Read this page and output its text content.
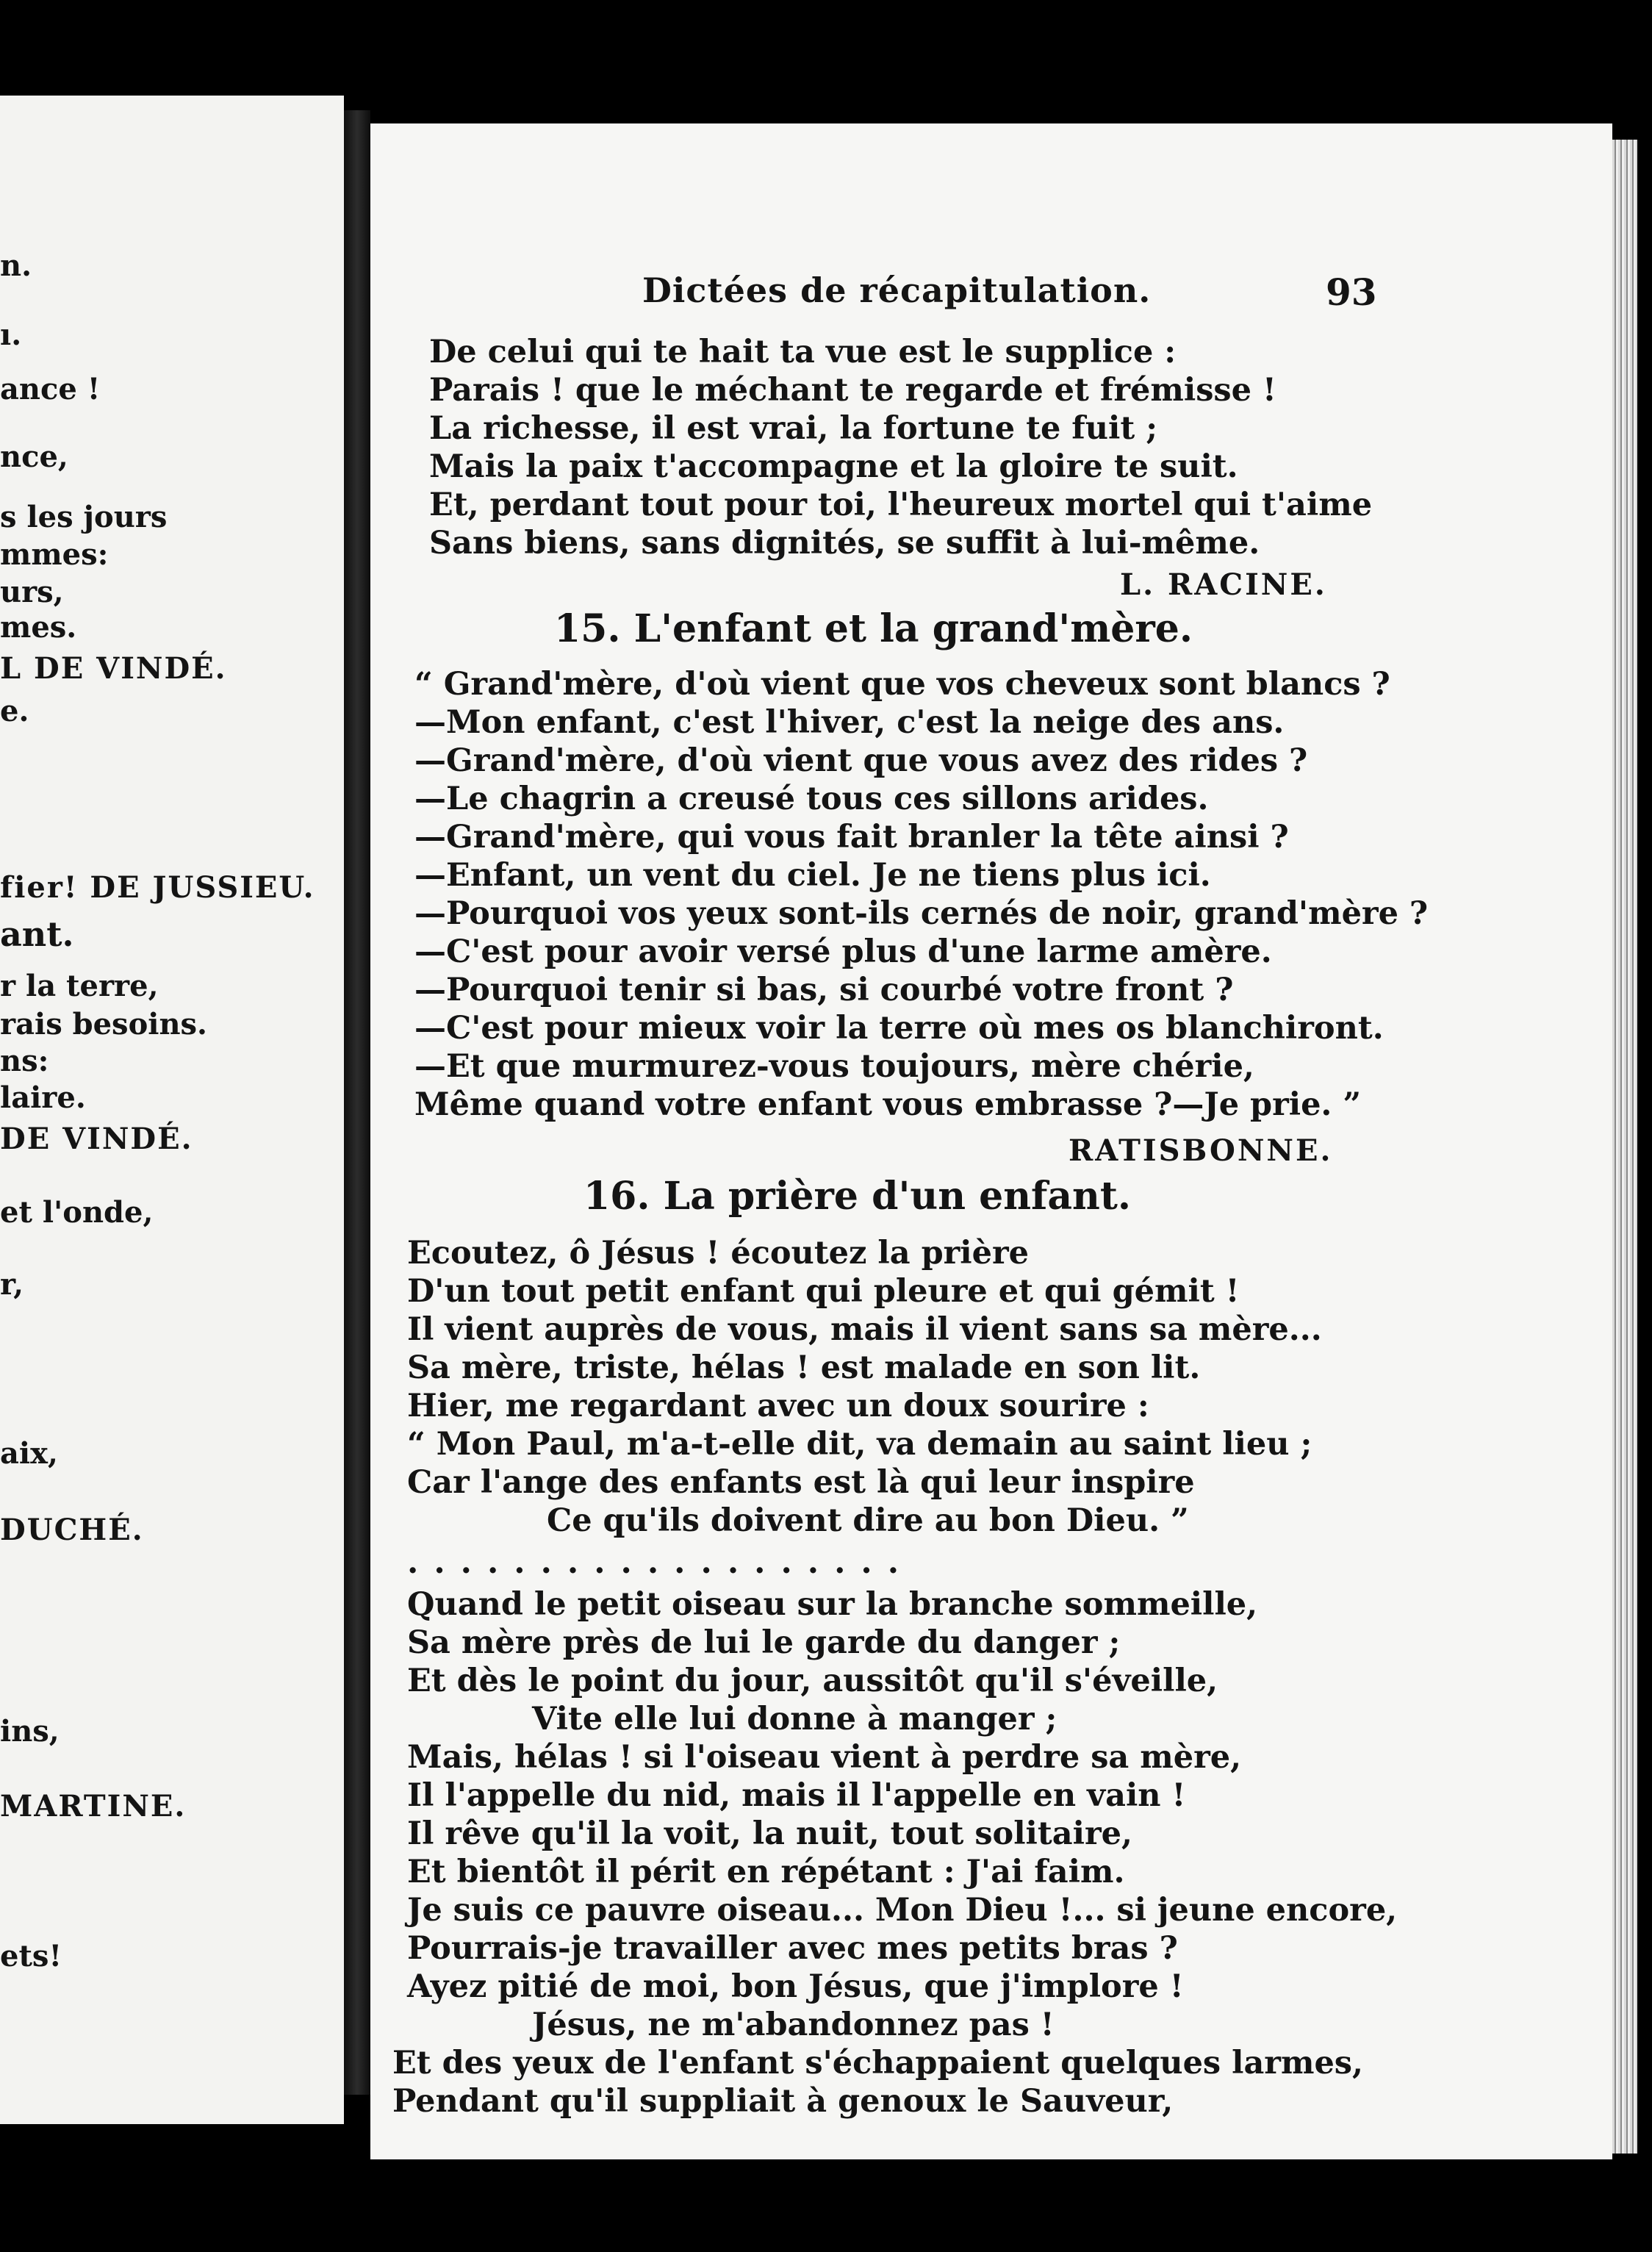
n.
ı.
ance !
nce,
s les jours
mmes:
urs,
mes.
L DE VINDÉ.
e.
fier! DE JUSSIEU.
ant.
r la terre,
rais besoins.
ns:
laire.
DE VINDÉ.
et l'onde,
r,
aix,
DUCHÉ.
ins,
MARTINE.
ets!
Dictées de récapitulation.	93
De celui qui te hait ta vue est le supplice :
Parais ! que le méchant te regarde et frémisse !
La richesse, il est vrai, la fortune te fuit ;
Mais la paix t'accompagne et la gloire te suit.
Et, perdant tout pour toi, l'heureux mortel qui t'aime
Sans biens, sans dignités, se suffit à lui-même.
L. RACINE.
15. L'enfant et la grand'mère.
“ Grand'mère, d'où vient que vos cheveux sont blancs ?
—Mon enfant, c'est l'hiver, c'est la neige des ans.
—Grand'mère, d'où vient que vous avez des rides ?
—Le chagrin a creusé tous ces sillons arides.
—Grand'mère, qui vous fait branler la tête ainsi ?
—Enfant, un vent du ciel. Je ne tiens plus ici.
—Pourquoi vos yeux sont-ils cernés de noir, grand'mère ?
—C'est pour avoir versé plus d'une larme amère.
—Pourquoi tenir si bas, si courbé votre front ?
—C'est pour mieux voir la terre où mes os blanchiront.
—Et que murmurez-vous toujours, mère chérie,
Même quand votre enfant vous embrasse ?—Je prie. ”
RATISBONNE.
16. La prière d'un enfant.
Ecoutez, ô Jésus ! écoutez la prière
D'un tout petit enfant qui pleure et qui gémit !
Il vient auprès de vous, mais il vient sans sa mère...
Sa mère, triste, hélas ! est malade en son lit.
Hier, me regardant avec un doux sourire :
“ Mon Paul, m'a-t-elle dit, va demain au saint lieu ;
Car l'ange des enfants est là qui leur inspire
Ce qu'ils doivent dire au bon Dieu. ”
...................
Quand le petit oiseau sur la branche sommeille,
Sa mère près de lui le garde du danger ;
Et dès le point du jour, aussitôt qu'il s'éveille,
Vite elle lui donne à manger ;
Mais, hélas ! si l'oiseau vient à perdre sa mère,
Il l'appelle du nid, mais il l'appelle en vain !
Il rêve qu'il la voit, la nuit, tout solitaire,
Et bientôt il périt en répétant : J'ai faim.
Je suis ce pauvre oiseau... Mon Dieu !... si jeune encore,
Pourrais-je travailler avec mes petits bras ?
Ayez pitié de moi, bon Jésus, que j'implore !
Jésus, ne m'abandonnez pas !
Et des yeux de l'enfant s'échappaient quelques larmes,
Pendant qu'il suppliait à genoux le Sauveur,
